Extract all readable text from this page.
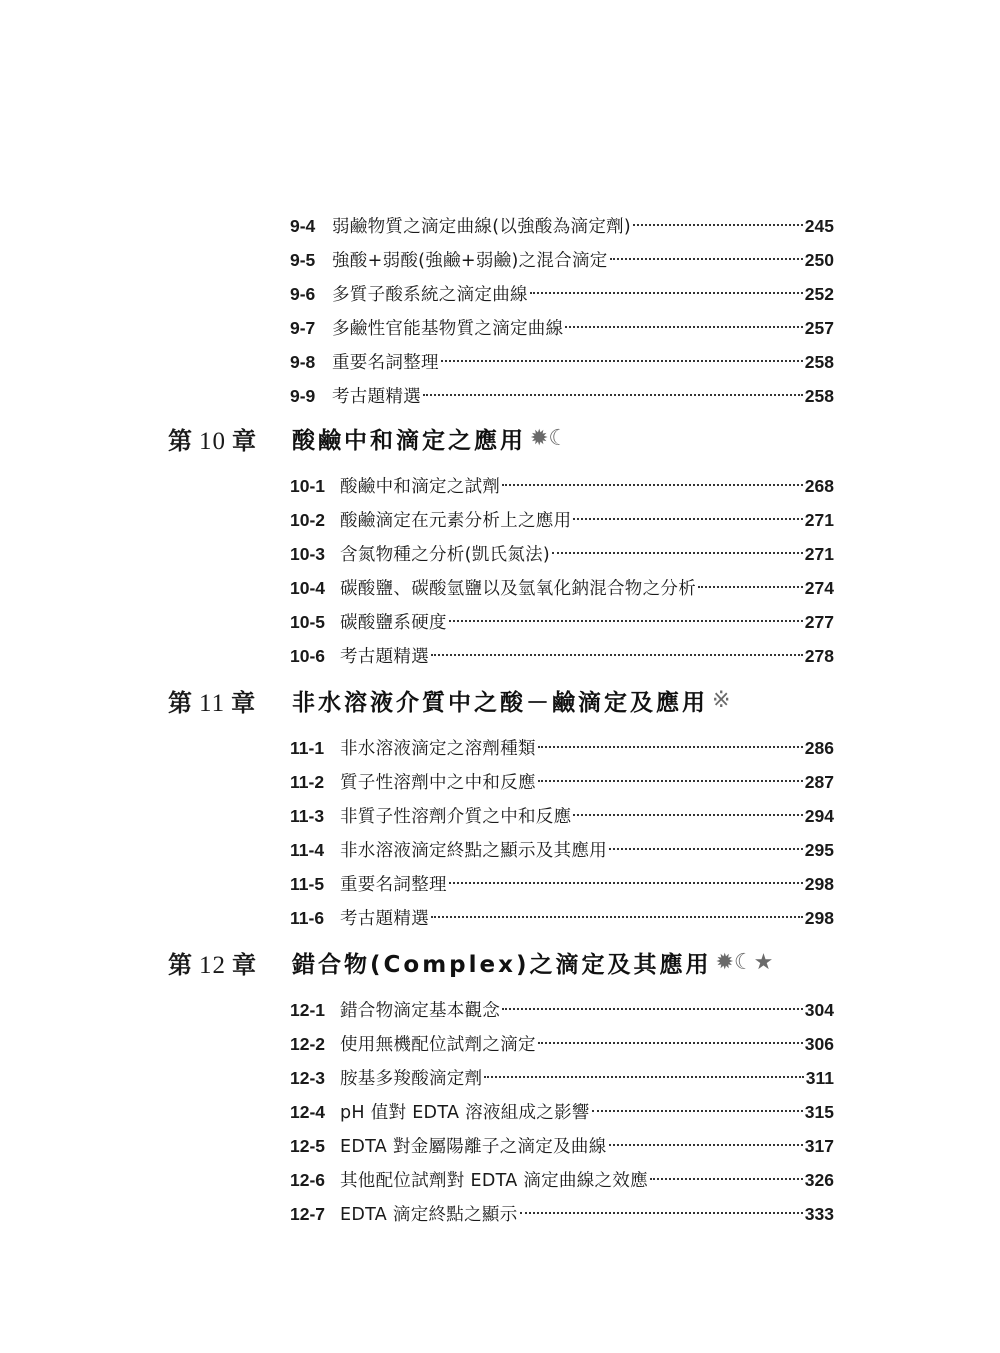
9-4 弱鹼物質之滴定曲線(以強酸為滴定劑)	245
9-5 強酸+弱酸(強鹼+弱鹼)之混合滴定	250
9-6 多質子酸系統之滴定曲線	252
9-7 多鹼性官能基物質之滴定曲線	257
9-8 重要名詞整理	258
9-9 考古題精選	258
第 10 章 酸鹼中和滴定之應用 ✹☾
10-1 酸鹼中和滴定之試劑	268
10-2 酸鹼滴定在元素分析上之應用	271
10-3 含氮物種之分析(凱氏氮法)	271
10-4 碳酸鹽、碳酸氫鹽以及氫氧化鈉混合物之分析	274
10-5 碳酸鹽系硬度	277
10-6 考古題精選	278
第 11 章 非水溶液介質中之酸－鹼滴定及應用 ※
11-1 非水溶液滴定之溶劑種類	286
11-2 質子性溶劑中之中和反應	287
11-3 非質子性溶劑介質之中和反應	294
11-4 非水溶液滴定終點之顯示及其應用	295
11-5 重要名詞整理	298
11-6 考古題精選	298
第 12 章 錯合物(Complex)之滴定及其應用 ✹☾★
12-1 錯合物滴定基本觀念	304
12-2 使用無機配位試劑之滴定	306
12-3 胺基多羧酸滴定劑	311
12-4 pH 值對 EDTA 溶液組成之影響	315
12-5 EDTA 對金屬陽離子之滴定及曲線	317
12-6 其他配位試劑對 EDTA 滴定曲線之效應	326
12-7 EDTA 滴定終點之顯示	333
